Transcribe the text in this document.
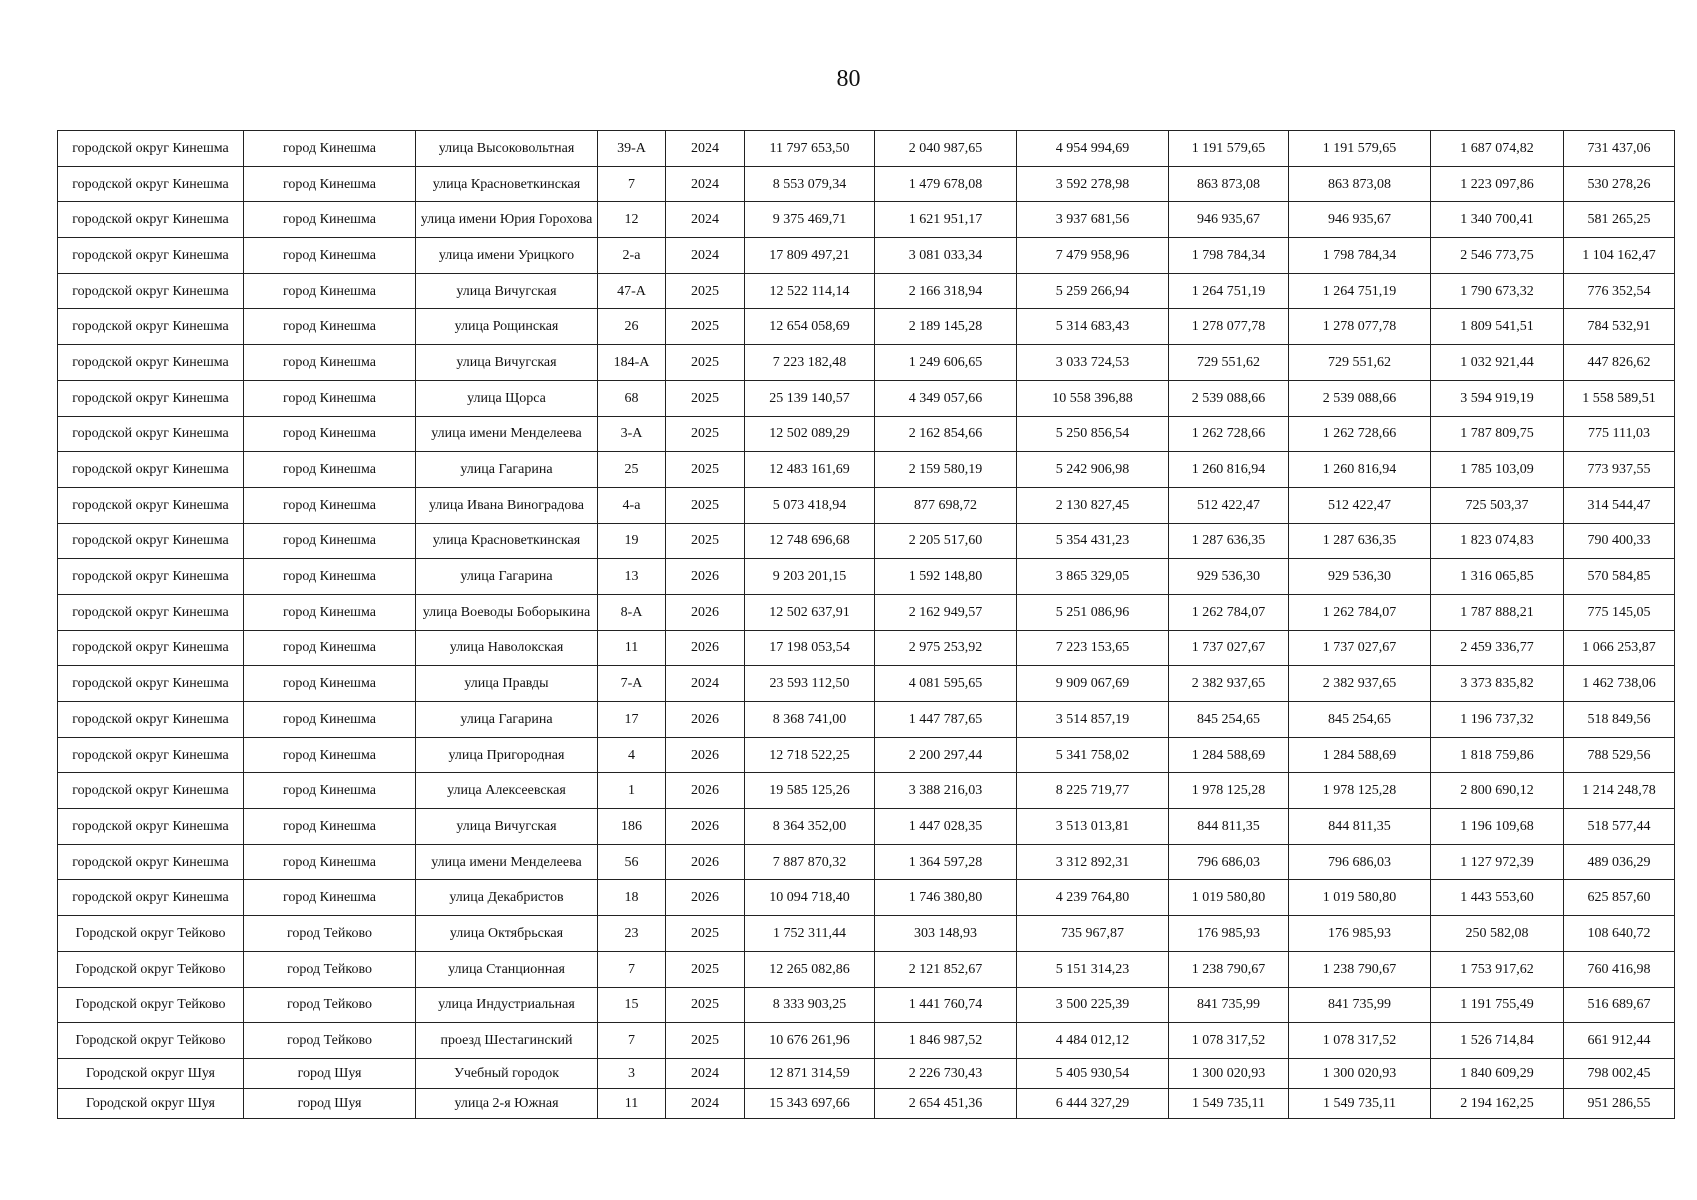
80
городской округ Кинешма	город Кинешма	улица Высоковольтная	39-А	2024	11 797 653,50	2 040 987,65	4 954 994,69	1 191 579,65	1 191 579,65	1 687 074,82	731 437,06
городской округ Кинешма	город Кинешма	улица Красноветкинская	7	2024	8 553 079,34	1 479 678,08	3 592 278,98	863 873,08	863 873,08	1 223 097,86	530 278,26
городской округ Кинешма	город Кинешма	улица имени Юрия Горохова	12	2024	9 375 469,71	1 621 951,17	3 937 681,56	946 935,67	946 935,67	1 340 700,41	581 265,25
городской округ Кинешма	город Кинешма	улица имени Урицкого	2-а	2024	17 809 497,21	3 081 033,34	7 479 958,96	1 798 784,34	1 798 784,34	2 546 773,75	1 104 162,47
городской округ Кинешма	город Кинешма	улица Вичугская	47-А	2025	12 522 114,14	2 166 318,94	5 259 266,94	1 264 751,19	1 264 751,19	1 790 673,32	776 352,54
городской округ Кинешма	город Кинешма	улица Рощинская	26	2025	12 654 058,69	2 189 145,28	5 314 683,43	1 278 077,78	1 278 077,78	1 809 541,51	784 532,91
городской округ Кинешма	город Кинешма	улица Вичугская	184-А	2025	7 223 182,48	1 249 606,65	3 033 724,53	729 551,62	729 551,62	1 032 921,44	447 826,62
городской округ Кинешма	город Кинешма	улица Щорса	68	2025	25 139 140,57	4 349 057,66	10 558 396,88	2 539 088,66	2 539 088,66	3 594 919,19	1 558 589,51
городской округ Кинешма	город Кинешма	улица имени Менделеева	3-А	2025	12 502 089,29	2 162 854,66	5 250 856,54	1 262 728,66	1 262 728,66	1 787 809,75	775 111,03
городской округ Кинешма	город Кинешма	улица Гагарина	25	2025	12 483 161,69	2 159 580,19	5 242 906,98	1 260 816,94	1 260 816,94	1 785 103,09	773 937,55
городской округ Кинешма	город Кинешма	улица Ивана Виноградова	4-а	2025	5 073 418,94	877 698,72	2 130 827,45	512 422,47	512 422,47	725 503,37	314 544,47
городской округ Кинешма	город Кинешма	улица Красноветкинская	19	2025	12 748 696,68	2 205 517,60	5 354 431,23	1 287 636,35	1 287 636,35	1 823 074,83	790 400,33
городской округ Кинешма	город Кинешма	улица Гагарина	13	2026	9 203 201,15	1 592 148,80	3 865 329,05	929 536,30	929 536,30	1 316 065,85	570 584,85
городской округ Кинешма	город Кинешма	улица Воеводы Боборыкина	8-А	2026	12 502 637,91	2 162 949,57	5 251 086,96	1 262 784,07	1 262 784,07	1 787 888,21	775 145,05
городской округ Кинешма	город Кинешма	улица Наволокская	11	2026	17 198 053,54	2 975 253,92	7 223 153,65	1 737 027,67	1 737 027,67	2 459 336,77	1 066 253,87
городской округ Кинешма	город Кинешма	улица Правды	7-А	2024	23 593 112,50	4 081 595,65	9 909 067,69	2 382 937,65	2 382 937,65	3 373 835,82	1 462 738,06
городской округ Кинешма	город Кинешма	улица Гагарина	17	2026	8 368 741,00	1 447 787,65	3 514 857,19	845 254,65	845 254,65	1 196 737,32	518 849,56
городской округ Кинешма	город Кинешма	улица Пригородная	4	2026	12 718 522,25	2 200 297,44	5 341 758,02	1 284 588,69	1 284 588,69	1 818 759,86	788 529,56
городской округ Кинешма	город Кинешма	улица Алексеевская	1	2026	19 585 125,26	3 388 216,03	8 225 719,77	1 978 125,28	1 978 125,28	2 800 690,12	1 214 248,78
городской округ Кинешма	город Кинешма	улица Вичугская	186	2026	8 364 352,00	1 447 028,35	3 513 013,81	844 811,35	844 811,35	1 196 109,68	518 577,44
городской округ Кинешма	город Кинешма	улица имени Менделеева	56	2026	7 887 870,32	1 364 597,28	3 312 892,31	796 686,03	796 686,03	1 127 972,39	489 036,29
городской округ Кинешма	город Кинешма	улица Декабристов	18	2026	10 094 718,40	1 746 380,80	4 239 764,80	1 019 580,80	1 019 580,80	1 443 553,60	625 857,60
Городской округ Тейково	город Тейково	улица Октябрьская	23	2025	1 752 311,44	303 148,93	735 967,87	176 985,93	176 985,93	250 582,08	108 640,72
Городской округ Тейково	город Тейково	улица Станционная	7	2025	12 265 082,86	2 121 852,67	5 151 314,23	1 238 790,67	1 238 790,67	1 753 917,62	760 416,98
Городской округ Тейково	город Тейково	улица Индустриальная	15	2025	8 333 903,25	1 441 760,74	3 500 225,39	841 735,99	841 735,99	1 191 755,49	516 689,67
Городской округ Тейково	город Тейково	проезд Шестагинский	7	2025	10 676 261,96	1 846 987,52	4 484 012,12	1 078 317,52	1 078 317,52	1 526 714,84	661 912,44
Городской округ Шуя	город Шуя	Учебный городок	3	2024	12 871 314,59	2 226 730,43	5 405 930,54	1 300 020,93	1 300 020,93	1 840 609,29	798 002,45
Городской округ Шуя	город Шуя	улица 2-я Южная	11	2024	15 343 697,66	2 654 451,36	6 444 327,29	1 549 735,11	1 549 735,11	2 194 162,25	951 286,55
